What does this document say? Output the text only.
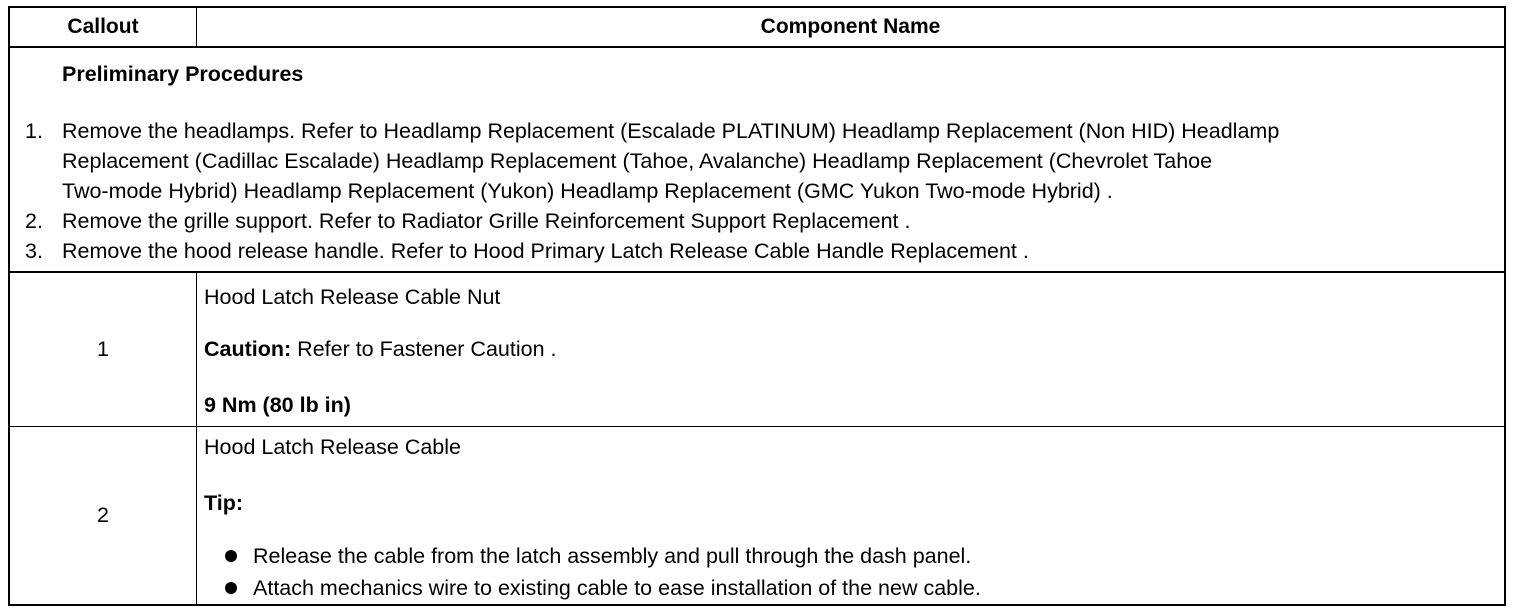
Callout	Component Name
Preliminary Procedures
1. Remove the headlamps. Refer to Headlamp Replacement (Escalade PLATINUM) Headlamp Replacement (Non HID) Headlamp
Replacement (Cadillac Escalade) Headlamp Replacement (Tahoe, Avalanche) Headlamp Replacement (Chevrolet Tahoe
Two-mode Hybrid) Headlamp Replacement (Yukon) Headlamp Replacement (GMC Yukon Two-mode Hybrid) .
2. Remove the grille support. Refer to Radiator Grille Reinforcement Support Replacement .
3. Remove the hood release handle. Refer to Hood Primary Latch Release Cable Handle Replacement .
1
Hood Latch Release Cable Nut
Caution: Refer to Fastener Caution .
9 Nm (80 lb in)
2
Hood Latch Release Cable
Tip:
Release the cable from the latch assembly and pull through the dash panel.
Attach mechanics wire to existing cable to ease installation of the new cable.
